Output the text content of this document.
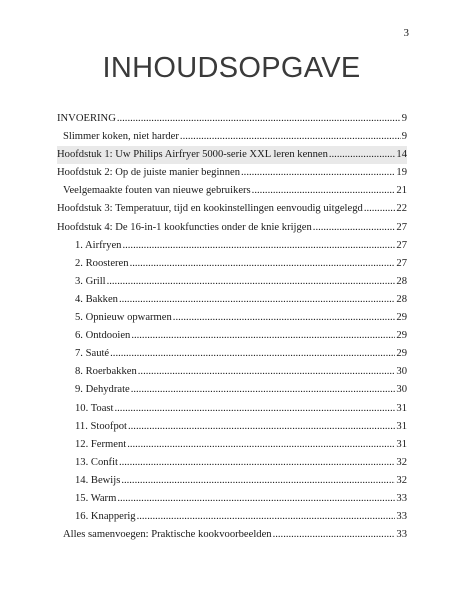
3
INHOUDSOPGAVE
INVOERING .....	9
Slimmer koken, niet harder .....	9
Hoofdstuk 1: Uw Philips Airfryer 5000-serie XXL leren kennen .....	14
Hoofdstuk 2: Op de juiste manier beginnen .....	19
Veelgemaakte fouten van nieuwe gebruikers .....	21
Hoofdstuk 3: Temperatuur, tijd en kookinstellingen eenvoudig uitgelegd .....	22
Hoofdstuk 4: De 16-in-1 kookfuncties onder de knie krijgen .....	27
1. Airfryen .....	27
2. Roosteren .....	27
3. Grill .....	28
4. Bakken .....	28
5. Opnieuw opwarmen .....	29
6. Ontdooien .....	29
7. Sauté .....	29
8. Roerbakken .....	30
9. Dehydrate .....	30
10. Toast .....	31
11. Stoofpot .....	31
12. Ferment .....	31
13. Confit .....	32
14. Bewijs .....	32
15. Warm .....	33
16. Knapperig .....	33
Alles samenvoegen: Praktische kookvoorbeelden .....	33
